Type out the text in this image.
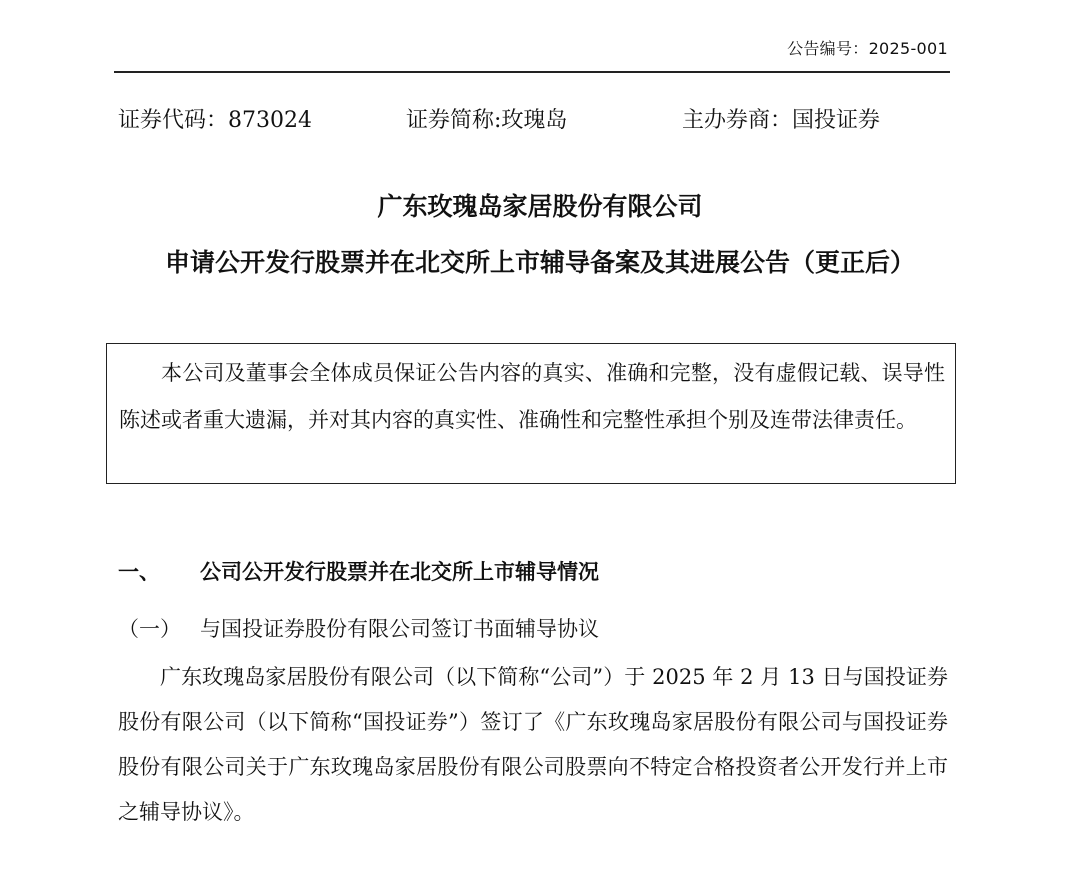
公告编号：2025-001
证券代码：873024	证券简称:玫瑰岛	主办券商：国投证券
广东玫瑰岛家居股份有限公司
申请公开发行股票并在北交所上市辅导备案及其进展公告（更正后）

本公司及董事会全体成员保证公告内容的真实、准确和完整，没有虚假记载、误导性陈述或者重大遗漏，并对其内容的真实性、准确性和完整性承担个别及连带法律责任。

一、 公司公开发行股票并在北交所上市辅导情况
（一） 与国投证券股份有限公司签订书面辅导协议

广东玫瑰岛家居股份有限公司（以下简称“公司”）于 2025 年 2 月 13 日与国投证券股份有限公司（以下简称“国投证券”）签订了《广东玫瑰岛家居股份有限公司与国投证券股份有限公司关于广东玫瑰岛家居股份有限公司股票向不特定合格投资者公开发行并上市之辅导协议》。
